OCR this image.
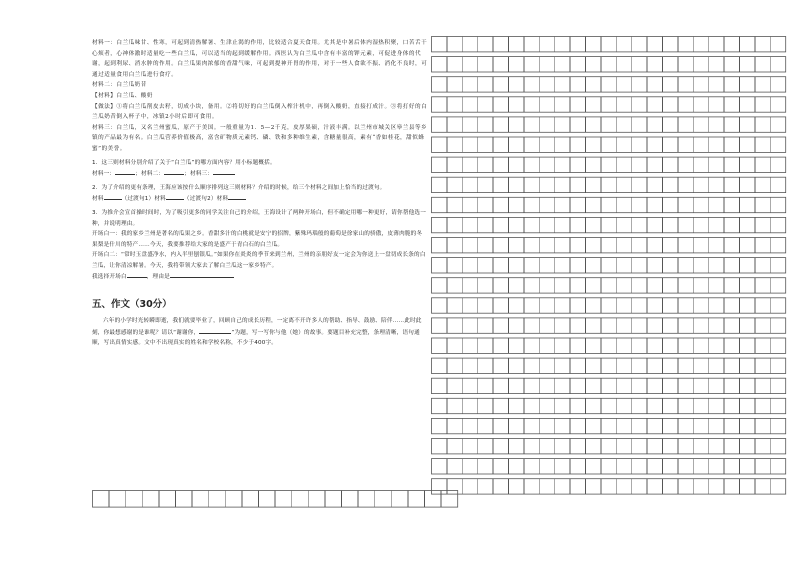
材料一：白兰瓜味甘、性寒，可起到清热解暑、生津止渴的作用，比较适合夏天食用。尤其是中暑后体内湿热积聚，口苦舌干心烦者，心神体激时适量吃一些白兰瓜，可以适当的起到缓解作用。西医认为白兰瓜中含有丰富的钾元素，可促进身体的代谢，起到利尿、消水肿的作用。白兰瓜果肉浓郁的香甜气味，可起到提神开胃的作用，对于一些人食欲不振、消化不良时，可通过适量食用白兰瓜进行食疗。

材料二：白兰瓜奶昔

【材料】白兰瓜、酸奶

【做法】①将白兰瓜削皮去籽，切成小块，备用。②将切好的白兰瓜倒入榨汁机中，再倒入酸奶，直接打成汁。③将打好的白兰瓜奶昔倒入杯子中，冰镇2小时后即可食用。

材料三：白兰瓜，又名兰州蜜瓜，原产于美国。一般重量为1．5—2千克，皮厚果硕，汁液丰满。以兰州市城关区皋兰县等乡镇的产品最为有名。白兰瓜营养价值极高，富含矿物质元素钙、磷、铁和多种维生素，含糖量很高，素有“香如桂花，甜似蜂蜜”的美誉。

1．这三则材料分别介绍了关于“白兰瓜”的哪方面内容？用小标题概括。

材料一：	；材料二：	；材料三：

2．为了介绍的更有条理，王海应该按什么顺序排列这三则材料？介绍的时候，给三个材料之间加上恰当的过渡句。

材料	（过渡句1）材料	（过渡句2）材料

3．为推介会宣首操时间时，为了吸引更多的同学关注自己的介绍，王海设计了两种开场白，但不确定用哪一种更好，请你帮他选一种，并说明理由。

开场白一：我的家乡兰州是著名的瓜果之乡。香甜多汁的白桃就是安宁的招牌，紫殊玛瑙般的葡萄是徐家山的骄傲，皮薄肉脆的冬果梨是什川的特产……今天，我要推荐给大家的是盛产于青白石的白兰瓜。

开场白二：“常时玉盘盛净水，内入半里刨银瓜。”如果你在炎炎的季节来到兰州，兰州的亲朋好友一定会为你送上一盘切成长条的白兰瓜，让你清凉解暑。今天，我将带领大家去了解白兰瓜这一家乡特产。

我选择开场白	，理由是

五、作文（30分）

六年的小学时光转瞬即逝，我们就要毕业了，回顾自己的成长历程，一定离不开许多人的帮助、指导、鼓励、陪伴……此时此刻，你最想感谢的是谁呢？请以“谢谢你，	”为题，写一写你与他（她）的故事。要题目补充完整，条理清晰，语句通顺，写出真情实感。文中不出现真实的姓名和学校名称，不少于400字。
